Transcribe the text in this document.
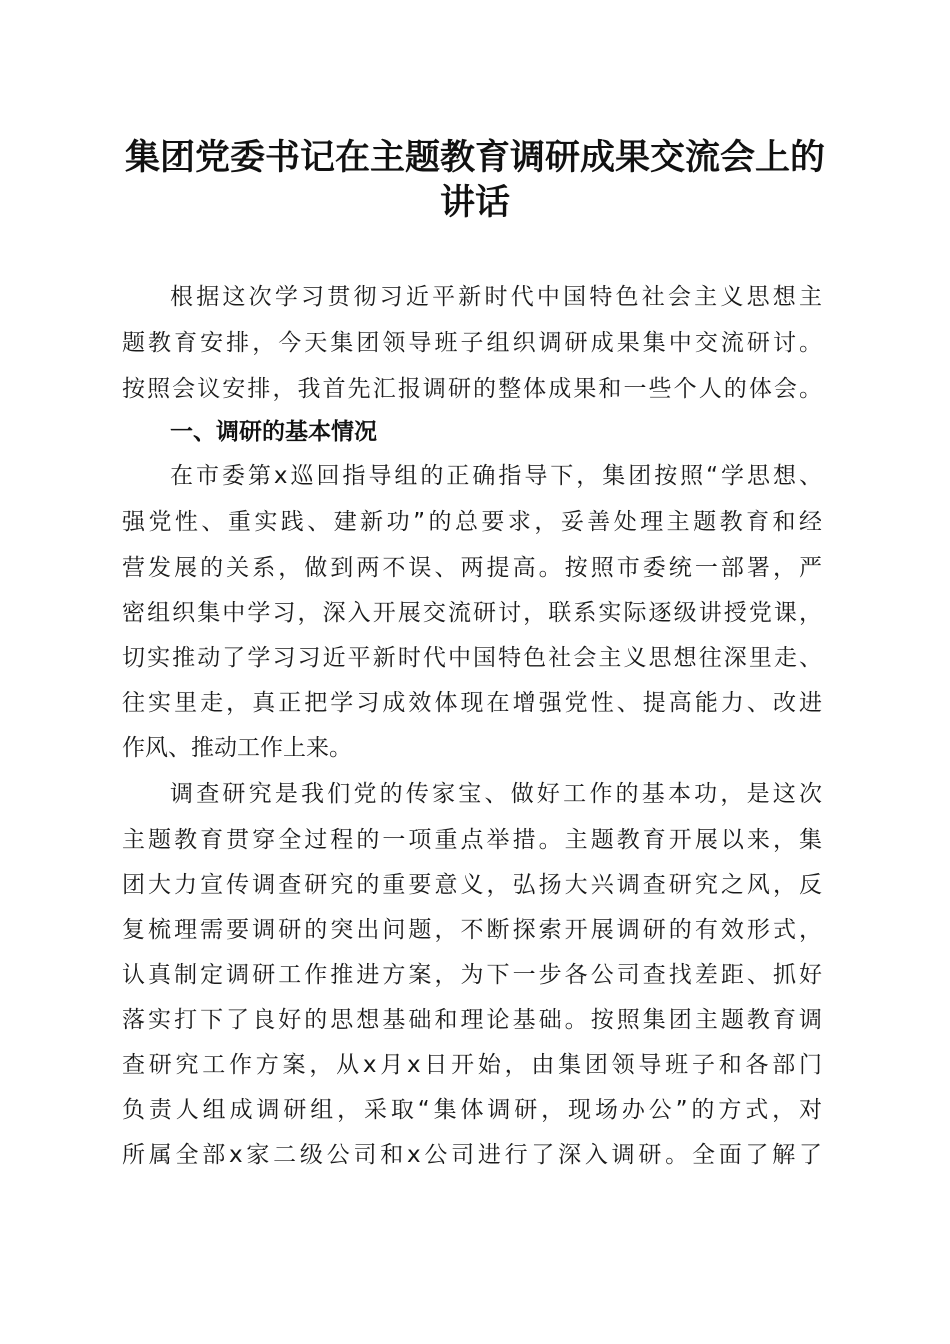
集团党委书记在主题教育调研成果交流会上的
讲话

根据这次学习贯彻习近平新时代中国特色社会主义思想主

题教育安排，今天集团领导班子组织调研成果集中交流研讨。

按照会议安排，我首先汇报调研的整体成果和一些个人的体会。

一、调研的基本情况

在市委第x巡回指导组的正确指导下，集团按照“学思想、

强党性、重实践、建新功”的总要求，妥善处理主题教育和经

营发展的关系，做到两不误、两提高。按照市委统一部署，严

密组织集中学习，深入开展交流研讨，联系实际逐级讲授党课，

切实推动了学习习近平新时代中国特色社会主义思想往深里走、

往实里走，真正把学习成效体现在增强党性、提高能力、改进

作风、推动工作上来。

调查研究是我们党的传家宝、做好工作的基本功，是这次

主题教育贯穿全过程的一项重点举措。主题教育开展以来，集

团大力宣传调查研究的重要意义，弘扬大兴调查研究之风，反

复梳理需要调研的突出问题，不断探索开展调研的有效形式，

认真制定调研工作推进方案，为下一步各公司查找差距、抓好

落实打下了良好的思想基础和理论基础。按照集团主题教育调

查研究工作方案，从x月x日开始，由集团领导班子和各部门

负责人组成调研组，采取“集体调研，现场办公”的方式，对

所属全部x家二级公司和x公司进行了深入调研。全面了解了
